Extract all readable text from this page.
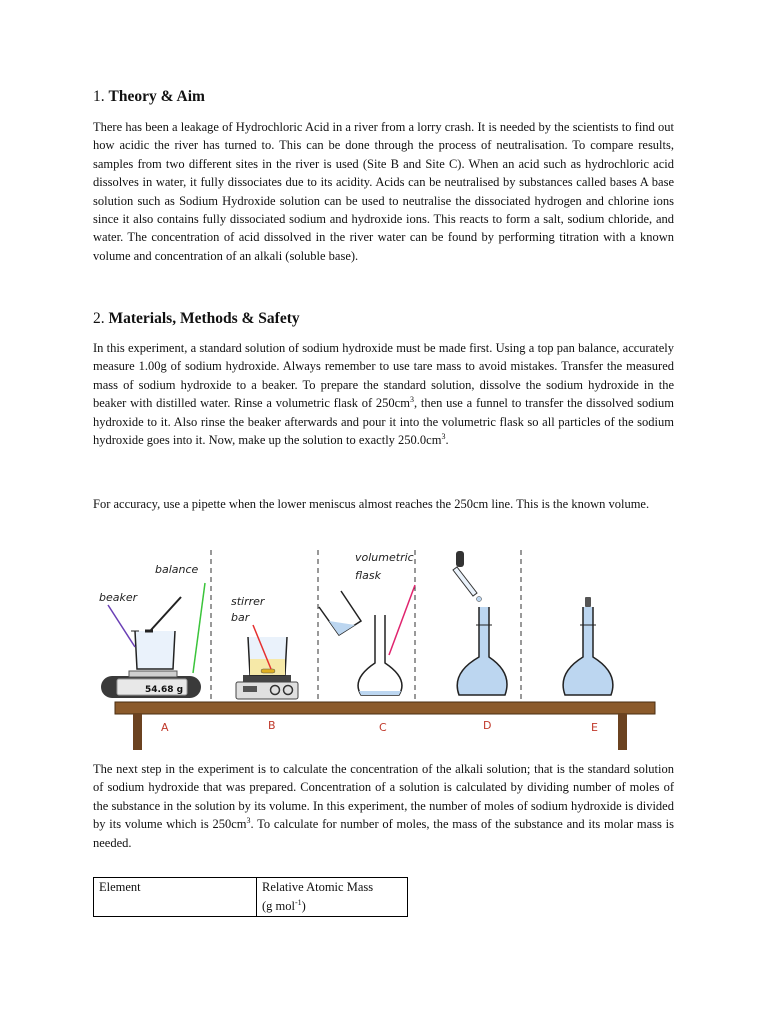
1. Theory & Aim

There has been a leakage of Hydrochloric Acid in a river from a lorry crash. It is needed by the scientists to find out how acidic the river has turned to. This can be done through the process of neutralisation. To compare results, samples from two different sites in the river is used (Site B and Site C). When an acid such as hydrochloric acid dissolves in water, it fully dissociates due to its acidity. Acids can be neutralised by substances called bases A base solution such as Sodium Hydroxide solution can be used to neutralise the dissociated hydrogen and chlorine ions since it also contains fully dissociated sodium and hydroxide ions. This reacts to form a salt, sodium chloride, and water. The concentration of acid dissolved in the river water can be found by performing titration with a known volume and concentration of an alkali (soluble base).

2. Materials, Methods & Safety

In this experiment, a standard solution of sodium hydroxide must be made first. Using a top pan balance, accurately measure 1.00g of sodium hydroxide. Always remember to use tare mass to avoid mistakes. Transfer the measured mass of sodium hydroxide to a beaker. To prepare the standard solution, dissolve the sodium hydroxide in the beaker with distilled water. Rinse a volumetric flask of $250cm^3$, then use a funnel to transfer the dissolved sodium hydroxide to it. Also rinse the beaker afterwards and pour it into the volumetric flask so all particles of the sodium hydroxide goes into it. Now, make up the solution to exactly $250.0cm^3$.

For accuracy, use a pipette when the lower meniscus almost reaches the 250cm line. This is the known volume.

54.68 g
balance
beaker	stirrer
bar
volumetric
flask
A	B	C	D	E

The next step in the experiment is to calculate the concentration of the alkali solution; that is the standard solution of sodium hydroxide that was prepared. Concentration of a solution is calculated by dividing number of moles of the substance in the solution by its volume. In this experiment, the number of moles of sodium hydroxide is divided by its volume which is $250cm^3$. To calculate for number of moles, the mass of the substance and its molar mass is needed.

Element	Relative Atomic Mass
(g mol$^{-1}$)
